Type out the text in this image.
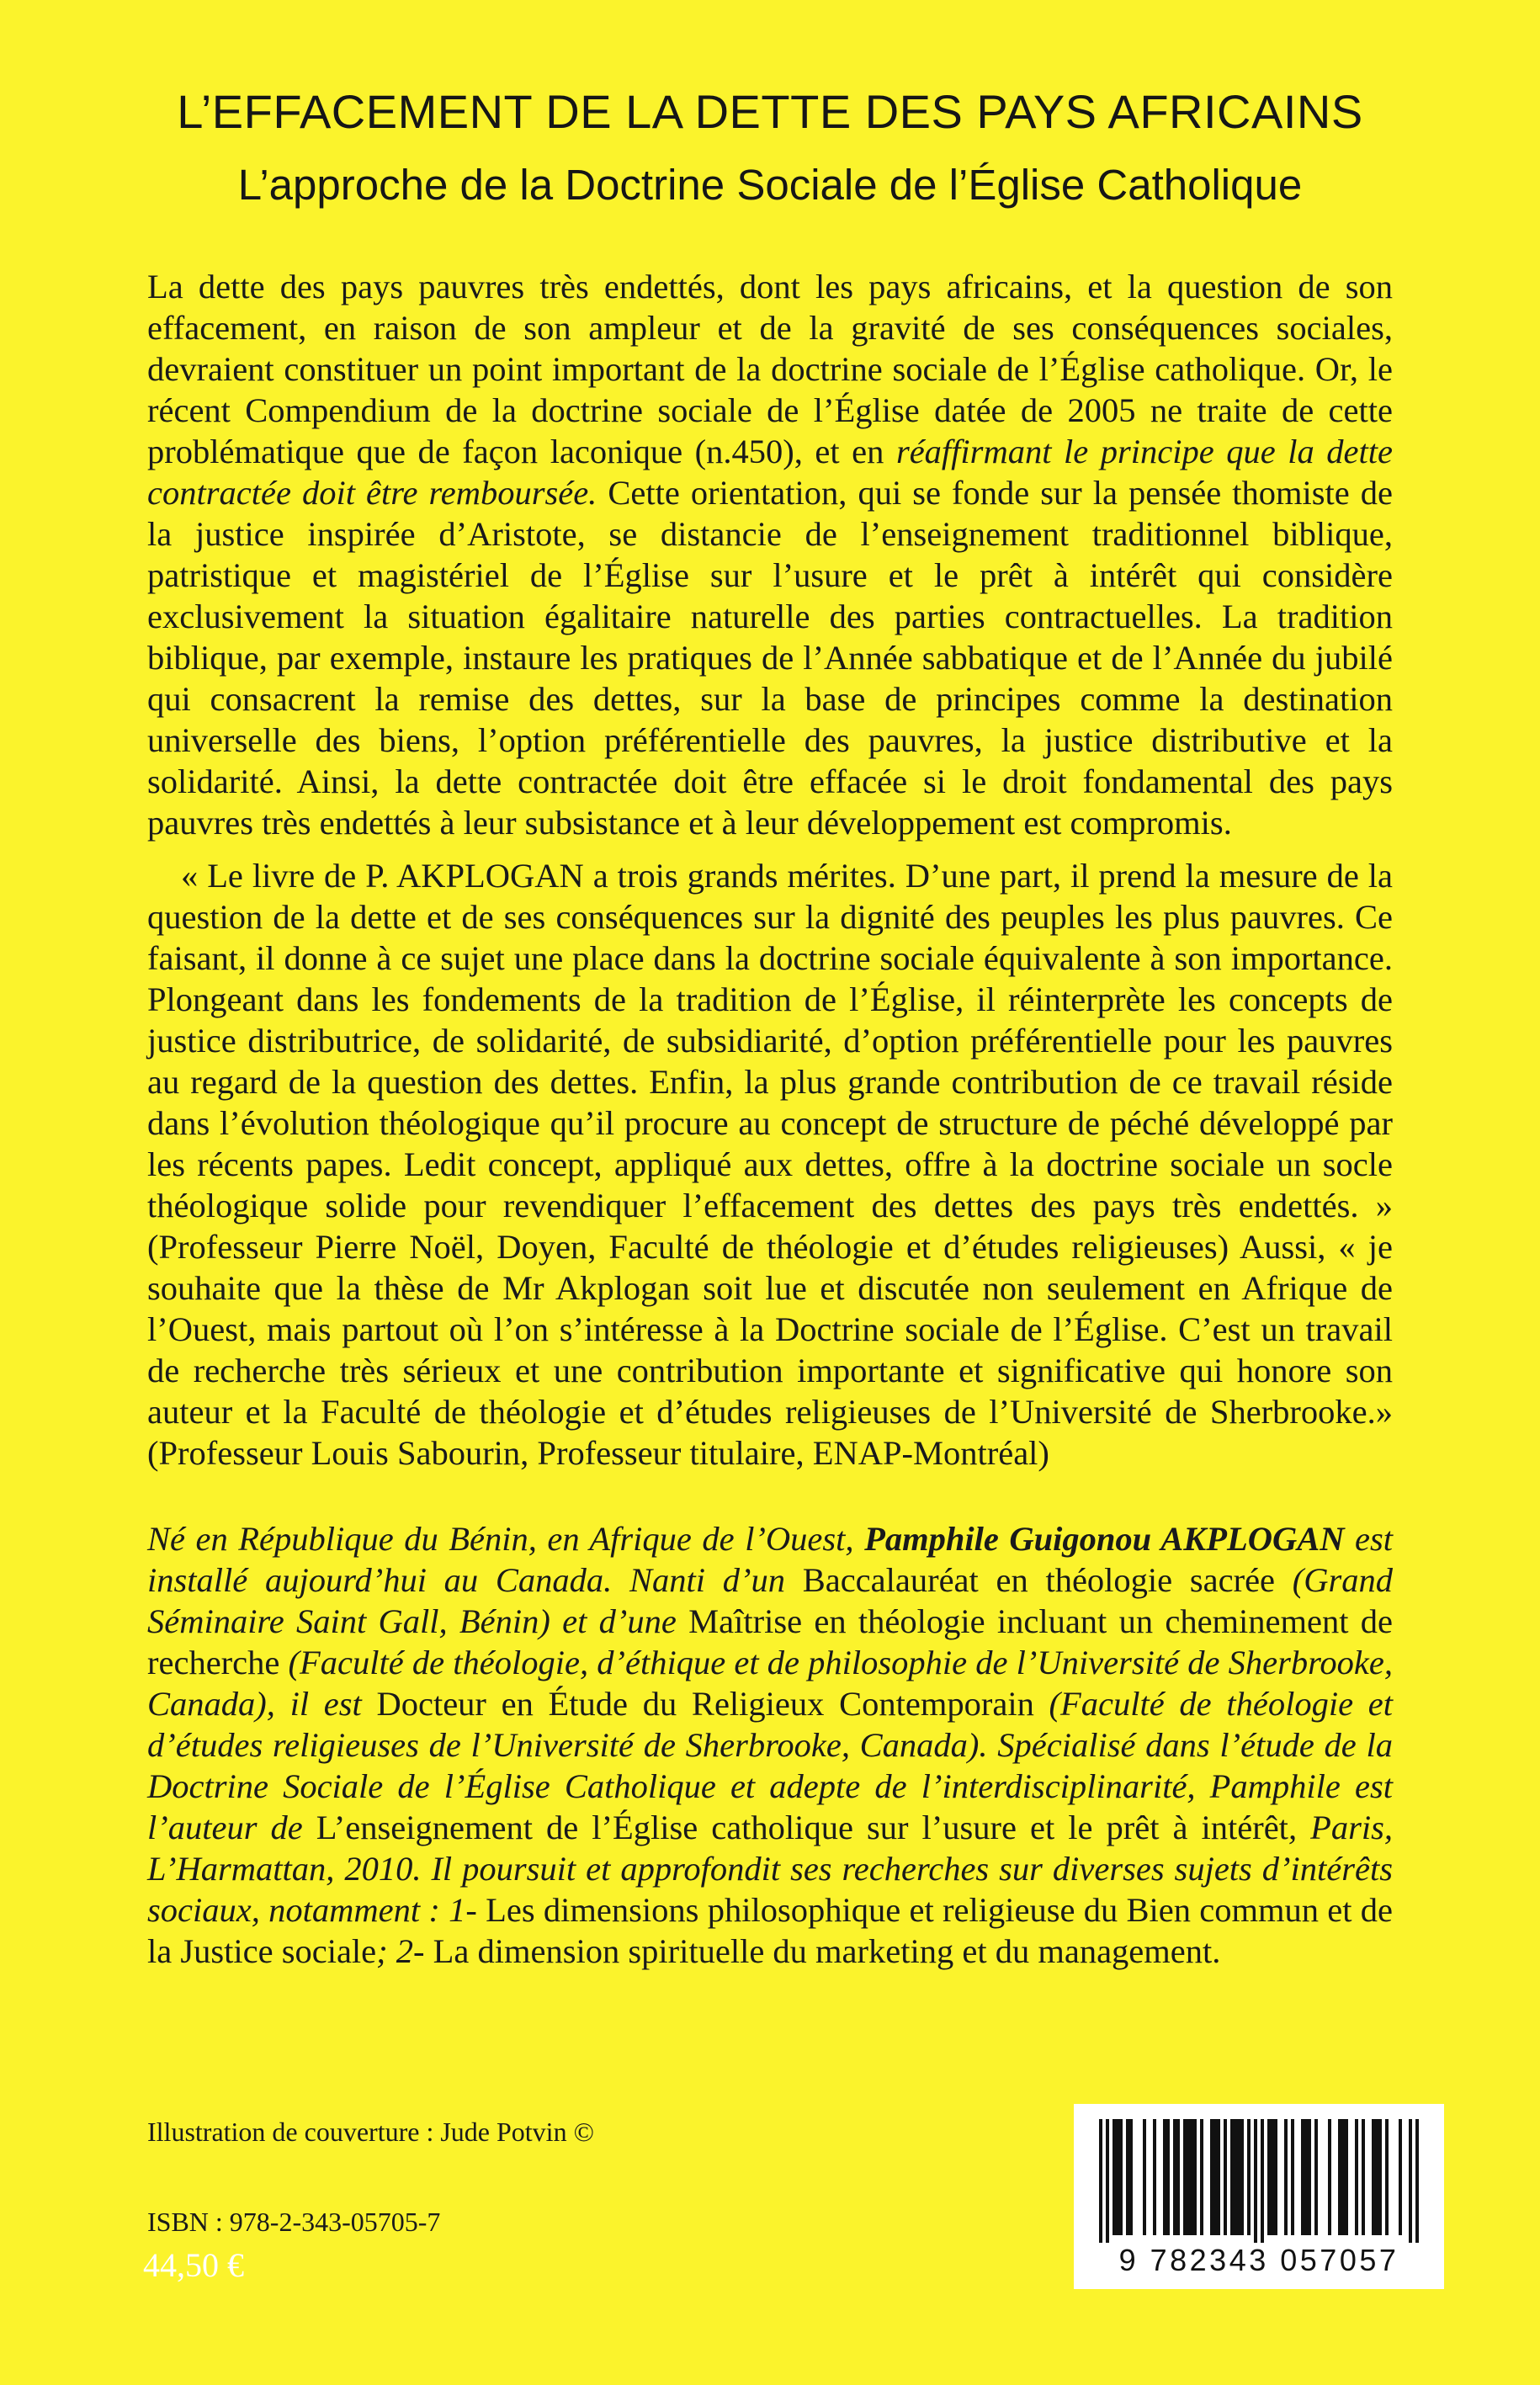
L’EFFACEMENT DE LA DETTE DES PAYS AFRICAINS
L’approche de la Doctrine Sociale de l’Église Catholique

La dette des pays pauvres très endettés, dont les pays africains, et la question de son effacement, en raison de son ampleur et de la gravité de ses conséquences sociales, devraient constituer un point important de la doctrine sociale de l’Église catholique. Or, le récent Compendium de la doctrine sociale de l’Église datée de 2005 ne traite de cette problématique que de façon laconique (n.450), et en réaffirmant le principe que la dette contractée doit être remboursée. Cette orientation, qui se fonde sur la pensée thomiste de la justice inspirée d’Aristote, se distancie de l’enseignement traditionnel biblique, patristique et magistériel de l’Église sur l’usure et le prêt à intérêt qui considère exclusivement la situation égalitaire naturelle des parties contractuelles. La tradition biblique, par exemple, instaure les pratiques de l’Année sabbatique et de l’Année du jubilé qui consacrent la remise des dettes, sur la base de principes comme la destination universelle des biens, l’option préférentielle des pauvres, la justice distributive et la solidarité. Ainsi, la dette contractée doit être effacée si le droit fondamental des pays pauvres très endettés à leur subsistance et à leur développement est compromis.

« Le livre de P. AKPLOGAN a trois grands mérites. D’une part, il prend la mesure de la question de la dette et de ses conséquences sur la dignité des peuples les plus pauvres. Ce faisant, il donne à ce sujet une place dans la doctrine sociale équivalente à son importance. Plongeant dans les fondements de la tradition de l’Église, il réinterprète les concepts de justice distributrice, de solidarité, de subsidiarité, d’option préférentielle pour les pauvres au regard de la question des dettes. Enfin, la plus grande contribution de ce travail réside dans l’évolution théologique qu’il procure au concept de structure de péché développé par les récents papes. Ledit concept, appliqué aux dettes, offre à la doctrine sociale un socle théologique solide pour revendiquer l’effacement des dettes des pays très endettés. » (Professeur Pierre Noël, Doyen, Faculté de théologie et d’études religieuses) Aussi, « je souhaite que la thèse de Mr Akplogan soit lue et discutée non seulement en Afrique de l’Ouest, mais partout où l’on s’intéresse à la Doctrine sociale de l’Église. C’est un travail de recherche très sérieux et une contribution importante et significative qui honore son auteur et la Faculté de théologie et d’études religieuses de l’Université de Sherbrooke.» (Professeur Louis Sabourin, Professeur titulaire, ENAP-Montréal)

Né en République du Bénin, en Afrique de l’Ouest, Pamphile Guigonou AKPLOGAN est installé aujourd’hui au Canada. Nanti d’un Baccalauréat en théologie sacrée (Grand Séminaire Saint Gall, Bénin) et d’une Maîtrise en théologie incluant un cheminement de recherche (Faculté de théologie, d’éthique et de philosophie de l’Université de Sherbrooke, Canada), il est Docteur en Étude du Religieux Contemporain (Faculté de théologie et d’études religieuses de l’Université de Sherbrooke, Canada). Spécialisé dans l’étude de la Doctrine Sociale de l’Église Catholique et adepte de l’interdisciplinarité, Pamphile est l’auteur de L’enseignement de l’Église catholique sur l’usure et le prêt à intérêt, Paris, L’Harmattan, 2010. Il poursuit et approfondit ses recherches sur diverses sujets d’intérêts sociaux, notamment : 1- Les dimensions philosophique et religieuse du Bien commun et de la Justice sociale; 2- La dimension spirituelle du marketing et du management.

Illustration de couverture : Jude Potvin ©
ISBN : 978-2-343-05705-7
44,50 €	9 782343 057057
